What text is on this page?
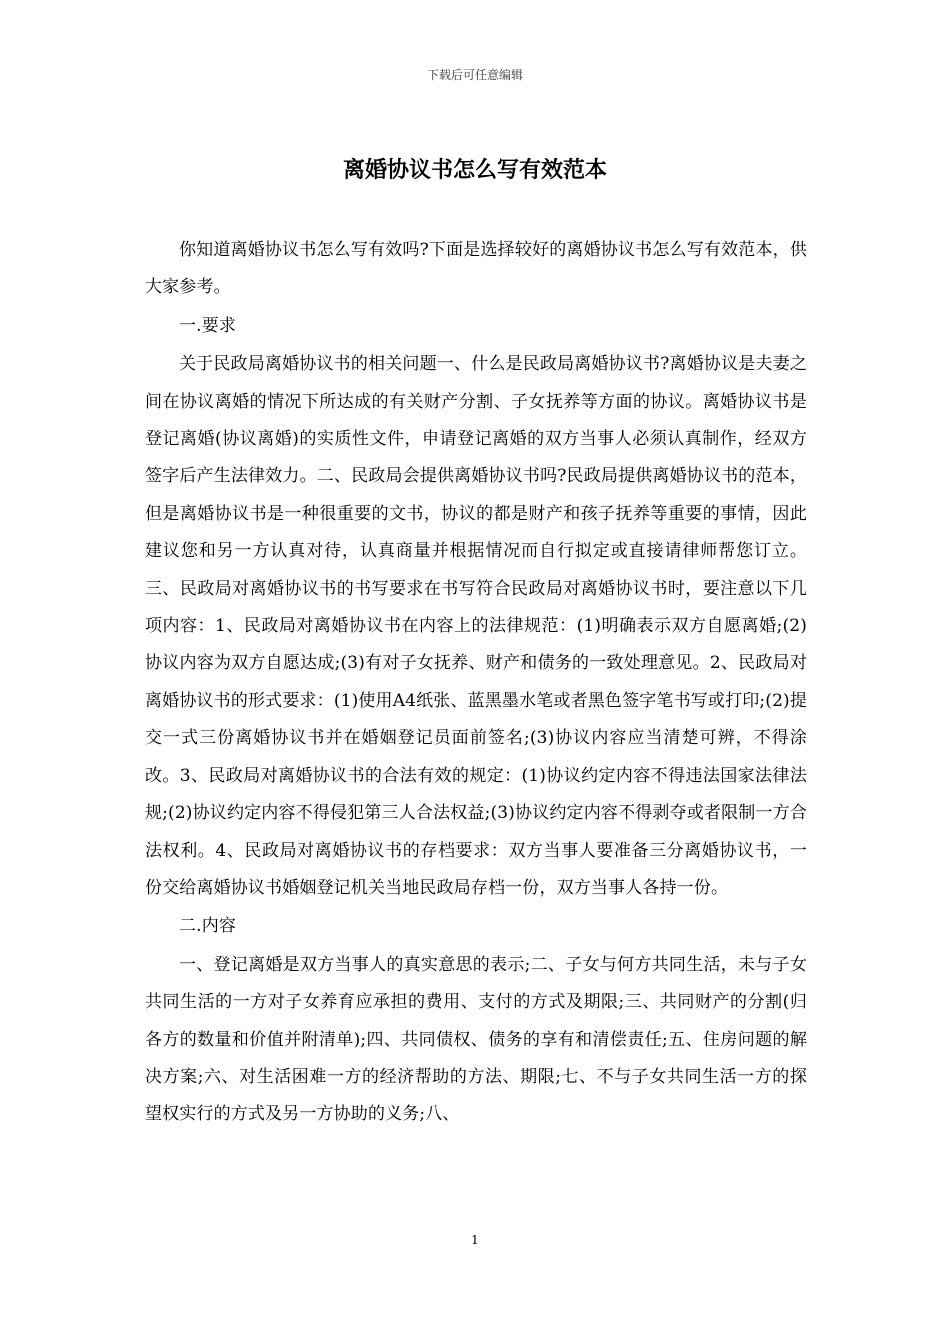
下载后可任意编辑
离婚协议书怎么写有效范本

你知道离婚协议书怎么写有效吗?下面是选择较好的离婚协议书怎么写有效范本，供大家参考。

一.要求

关于民政局离婚协议书的相关问题一、什么是民政局离婚协议书?离婚协议是夫妻之间在协议离婚的情况下所达成的有关财产分割、子女抚养等方面的协议。离婚协议书是登记离婚(协议离婚)的实质性文件，申请登记离婚的双方当事人必须认真制作，经双方签字后产生法律效力。二、民政局会提供离婚协议书吗?民政局提供离婚协议书的范本，但是离婚协议书是一种很重要的文书，协议的都是财产和孩子抚养等重要的事情，因此建议您和另一方认真对待，认真商量并根据情况而自行拟定或直接请律师帮您订立。三、民政局对离婚协议书的书写要求在书写符合民政局对离婚协议书时，要注意以下几项内容：1、民政局对离婚协议书在内容上的法律规范：(1)明确表示双方自愿离婚;(2)协议内容为双方自愿达成;(3)有对子女抚养、财产和债务的一致处理意见。2、民政局对离婚协议书的形式要求：(1)使用A4纸张、蓝黑墨水笔或者黑色签字笔书写或打印;(2)提交一式三份离婚协议书并在婚姻登记员面前签名;(3)协议内容应当清楚可辨，不得涂改。3、民政局对离婚协议书的合法有效的规定：(1)协议约定内容不得违法国家法律法规;(2)协议约定内容不得侵犯第三人合法权益;(3)协议约定内容不得剥夺或者限制一方合法权利。4、民政局对离婚协议书的存档要求：双方当事人要准备三分离婚协议书，一份交给离婚协议书婚姻登记机关当地民政局存档一份，双方当事人各持一份。

二.内容

一、登记离婚是双方当事人的真实意思的表示;二、子女与何方共同生活，未与子女共同生活的一方对子女养育应承担的费用、支付的方式及期限;三、共同财产的分割(归各方的数量和价值并附清单);四、共同债权、债务的享有和清偿责任;五、住房问题的解决方案;六、对生活困难一方的经济帮助的方法、期限;七、不与子女共同生活一方的探望权实行的方式及另一方协助的义务;八、

1
